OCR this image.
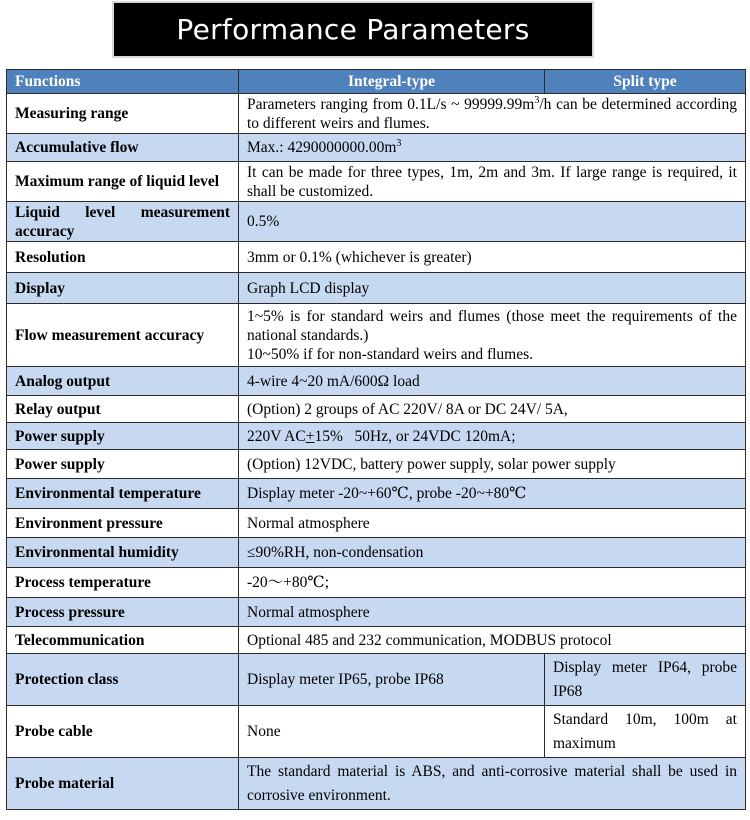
Performance Parameters
Functions	Integral-type	Split type
Measuring range	Parameters ranging from 0.1L/s ~ $99999.99m^3/h$ can be determined according to different weirs and flumes.	
Accumulative flow	Max.: $4290000000.00m^3$
Maximum range of liquid level	It can be made for three types, 1m, 2m and 3m. If large range is required, it shall be customized.	
Liquid level measurement accuracy	0.5%	
Resolution	3mm or 0.1% (whichever is greater)	
Display	Graph LCD display	
Flow measurement accuracy	1~5% is for standard weirs and flumes (those meet the requirements of the national standards.)
10~50% if for non-standard weirs and flumes.	

Analog output	4-wire 4~20 mA/600Ω load	
Relay output	(Option) 2 groups of AC 220V/ 8A or DC 24V/ 5A,	
Power supply	220V AC+15%   50Hz, or 24VDC 120mA;	
Power supply	(Option) 12VDC, battery power supply, solar power supply	
Environmental temperature	Display meter -20~+60℃, probe -20~+80℃	
Environment pressure	Normal atmosphere	
Environmental humidity	≤90%RH, non-condensation	
Process temperature	-20～+80℃;	
Process pressure	Normal atmosphere	
Telecommunication	Optional 485 and 232 communication, MODBUS protocol	
Protection class	Display meter IP65, probe IP68	Display meter IP64, probe IP68
Probe cable	None	Standard 10m, 100m at maximum
Probe material	The standard material is ABS, and anti-corrosive material shall be used in corrosive environment.	
